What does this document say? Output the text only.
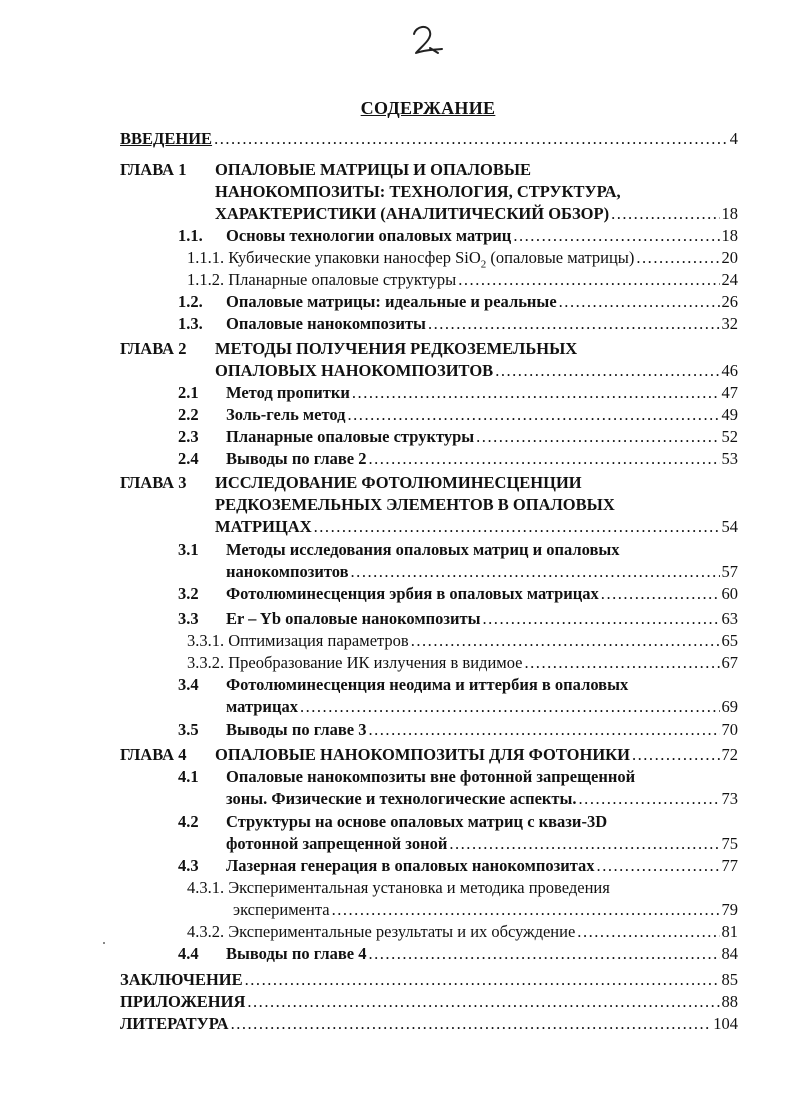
СОДЕРЖАНИЕ
ВВЕДЕНИЕ . . .	4
ГЛАВА 1 ОПАЛОВЫЕ МАТРИЦЫ И ОПАЛОВЫЕ
НАНОКОМПОЗИТЫ: ТЕХНОЛОГИЯ, СТРУКТУРА,
ХАРАКТЕРИСТИКИ (АНАЛИТИЧЕСКИЙ ОБЗОР) . . .	18
1.1. Основы технологии опаловых матриц . . .	18
1.1.1. Кубические упаковки наносфер SiO$_2$ (опаловые матрицы) . . .	20
1.1.2. Планарные опаловые структуры . . .	24
1.2. Опаловые матрицы: идеальные и реальные . . .	26
1.3. Опаловые нанокомпозиты . . .	32
ГЛАВА 2 МЕТОДЫ ПОЛУЧЕНИЯ РЕДКОЗЕМЕЛЬНЫХ
ОПАЛОВЫХ НАНОКОМПОЗИТОВ . . .	46
2.1 Метод пропитки . . .	47
2.2 Золь-гель метод . . .	49
2.3 Планарные опаловые структуры . . .	52
2.4 Выводы по главе 2 . . .	53
ГЛАВА 3 ИССЛЕДОВАНИЕ ФОТОЛЮМИНЕСЦЕНЦИИ
РЕДКОЗЕМЕЛЬНЫХ ЭЛЕМЕНТОВ В ОПАЛОВЫХ
МАТРИЦАХ . . .	54
3.1 Методы исследования опаловых матриц и опаловых
нанокомпозитов . . .	57
3.2 Фотолюминесценция эрбия в опаловых матрицах . . .	60
3.3 Er – Yb опаловые нанокомпозиты . . .	63
3.3.1. Оптимизация параметров . . .	65
3.3.2. Преобразование ИК излучения в видимое . . .	67
3.4 Фотолюминесценция неодима и иттербия в опаловых
матрицах . . .	69
3.5 Выводы по главе 3 . . .	70
ГЛАВА 4 ОПАЛОВЫЕ НАНОКОМПОЗИТЫ ДЛЯ ФОТОНИКИ . . .	72
4.1 Опаловые нанокомпозиты вне фотонной запрещенной
зоны. Физические и технологические аспекты. . . .	73
4.2 Структуры на основе опаловых матриц с квази-3D
фотонной запрещенной зоной . . .	75
4.3 Лазерная генерация в опаловых нанокомпозитах . . .	77
4.3.1. Экспериментальная установка и методика проведения
эксперимента . . .	79
4.3.2. Экспериментальные результаты и их обсуждение . . .	81
4.4 Выводы по главе 4 . . .	84
ЗАКЛЮЧЕНИЕ . . .	85
ПРИЛОЖЕНИЯ . . .	88
ЛИТЕРАТУРА . . .	104
